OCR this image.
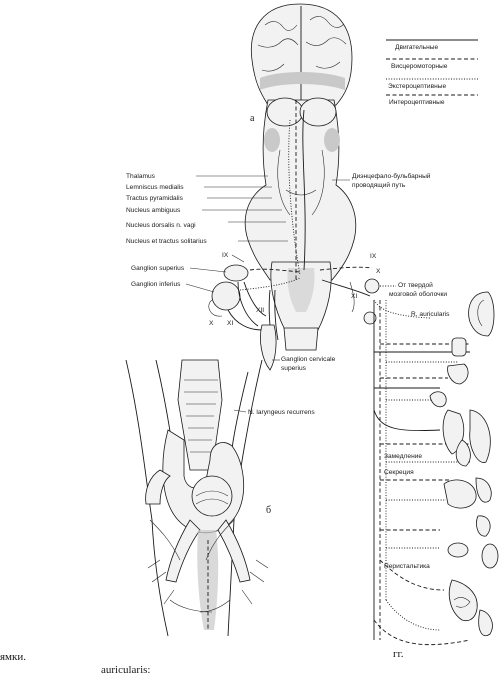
Thalamus
Lemniscus medialis
Tractus pyramidalis
Nucleus ambiguus
Nucleus dorsalis n. vagi
Nucleus et tractus solitarius
а
Диэнцефало-бульбарный
проводящий путь
Двигательные
Висцеромоторные
Экстероцептивные
Интероцептивные
IX	IX
X
X XI
XII
XI
Ganglion superius
Ganglion inferius
Ganglion cervicale
superius
От твердой
мозговой оболочки
R. auricularis
Замедление
Секреция
Перистальтика
N. laryngeus recurrens
б
ямки.	гг.
auricularis:
